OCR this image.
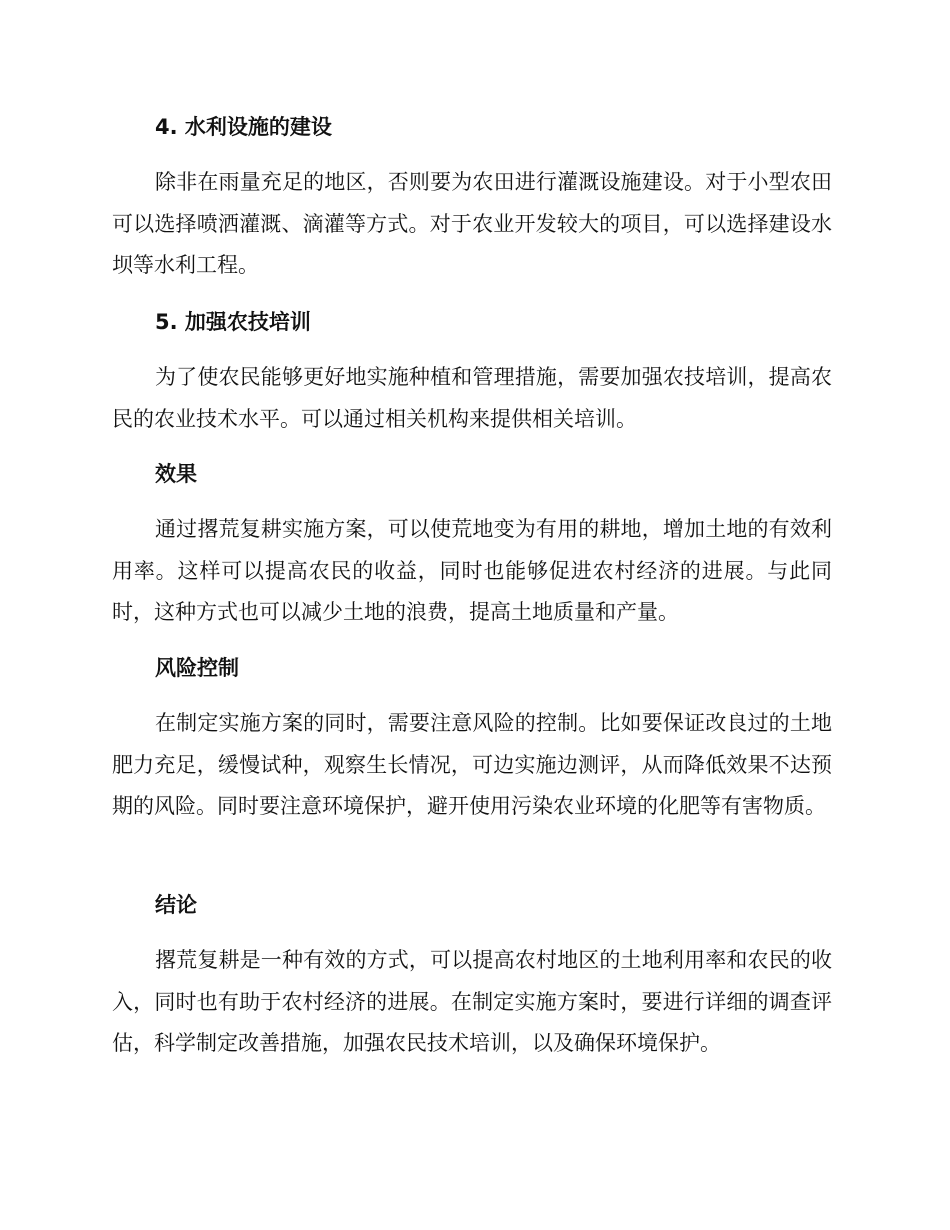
4. 水利设施的建设

除非在雨量充足的地区，否则要为农田进行灌溉设施建设。对于小型农田可以选择喷洒灌溉、滴灌等方式。对于农业开发较大的项目，可以选择建设水坝等水利工程。

5. 加强农技培训

为了使农民能够更好地实施种植和管理措施，需要加强农技培训，提高农民的农业技术水平。可以通过相关机构来提供相关培训。

效果

通过撂荒复耕实施方案，可以使荒地变为有用的耕地，增加土地的有效利用率。这样可以提高农民的收益，同时也能够促进农村经济的进展。与此同时，这种方式也可以减少土地的浪费，提高土地质量和产量。

风险控制

在制定实施方案的同时，需要注意风险的控制。比如要保证改良过的土地肥力充足，缓慢试种，观察生长情况，可边实施边测评，从而降低效果不达预期的风险。同时要注意环境保护，避开使用污染农业环境的化肥等有害物质。

结论

撂荒复耕是一种有效的方式，可以提高农村地区的土地利用率和农民的收入，同时也有助于农村经济的进展。在制定实施方案时，要进行详细的调查评估，科学制定改善措施，加强农民技术培训，以及确保环境保护。
